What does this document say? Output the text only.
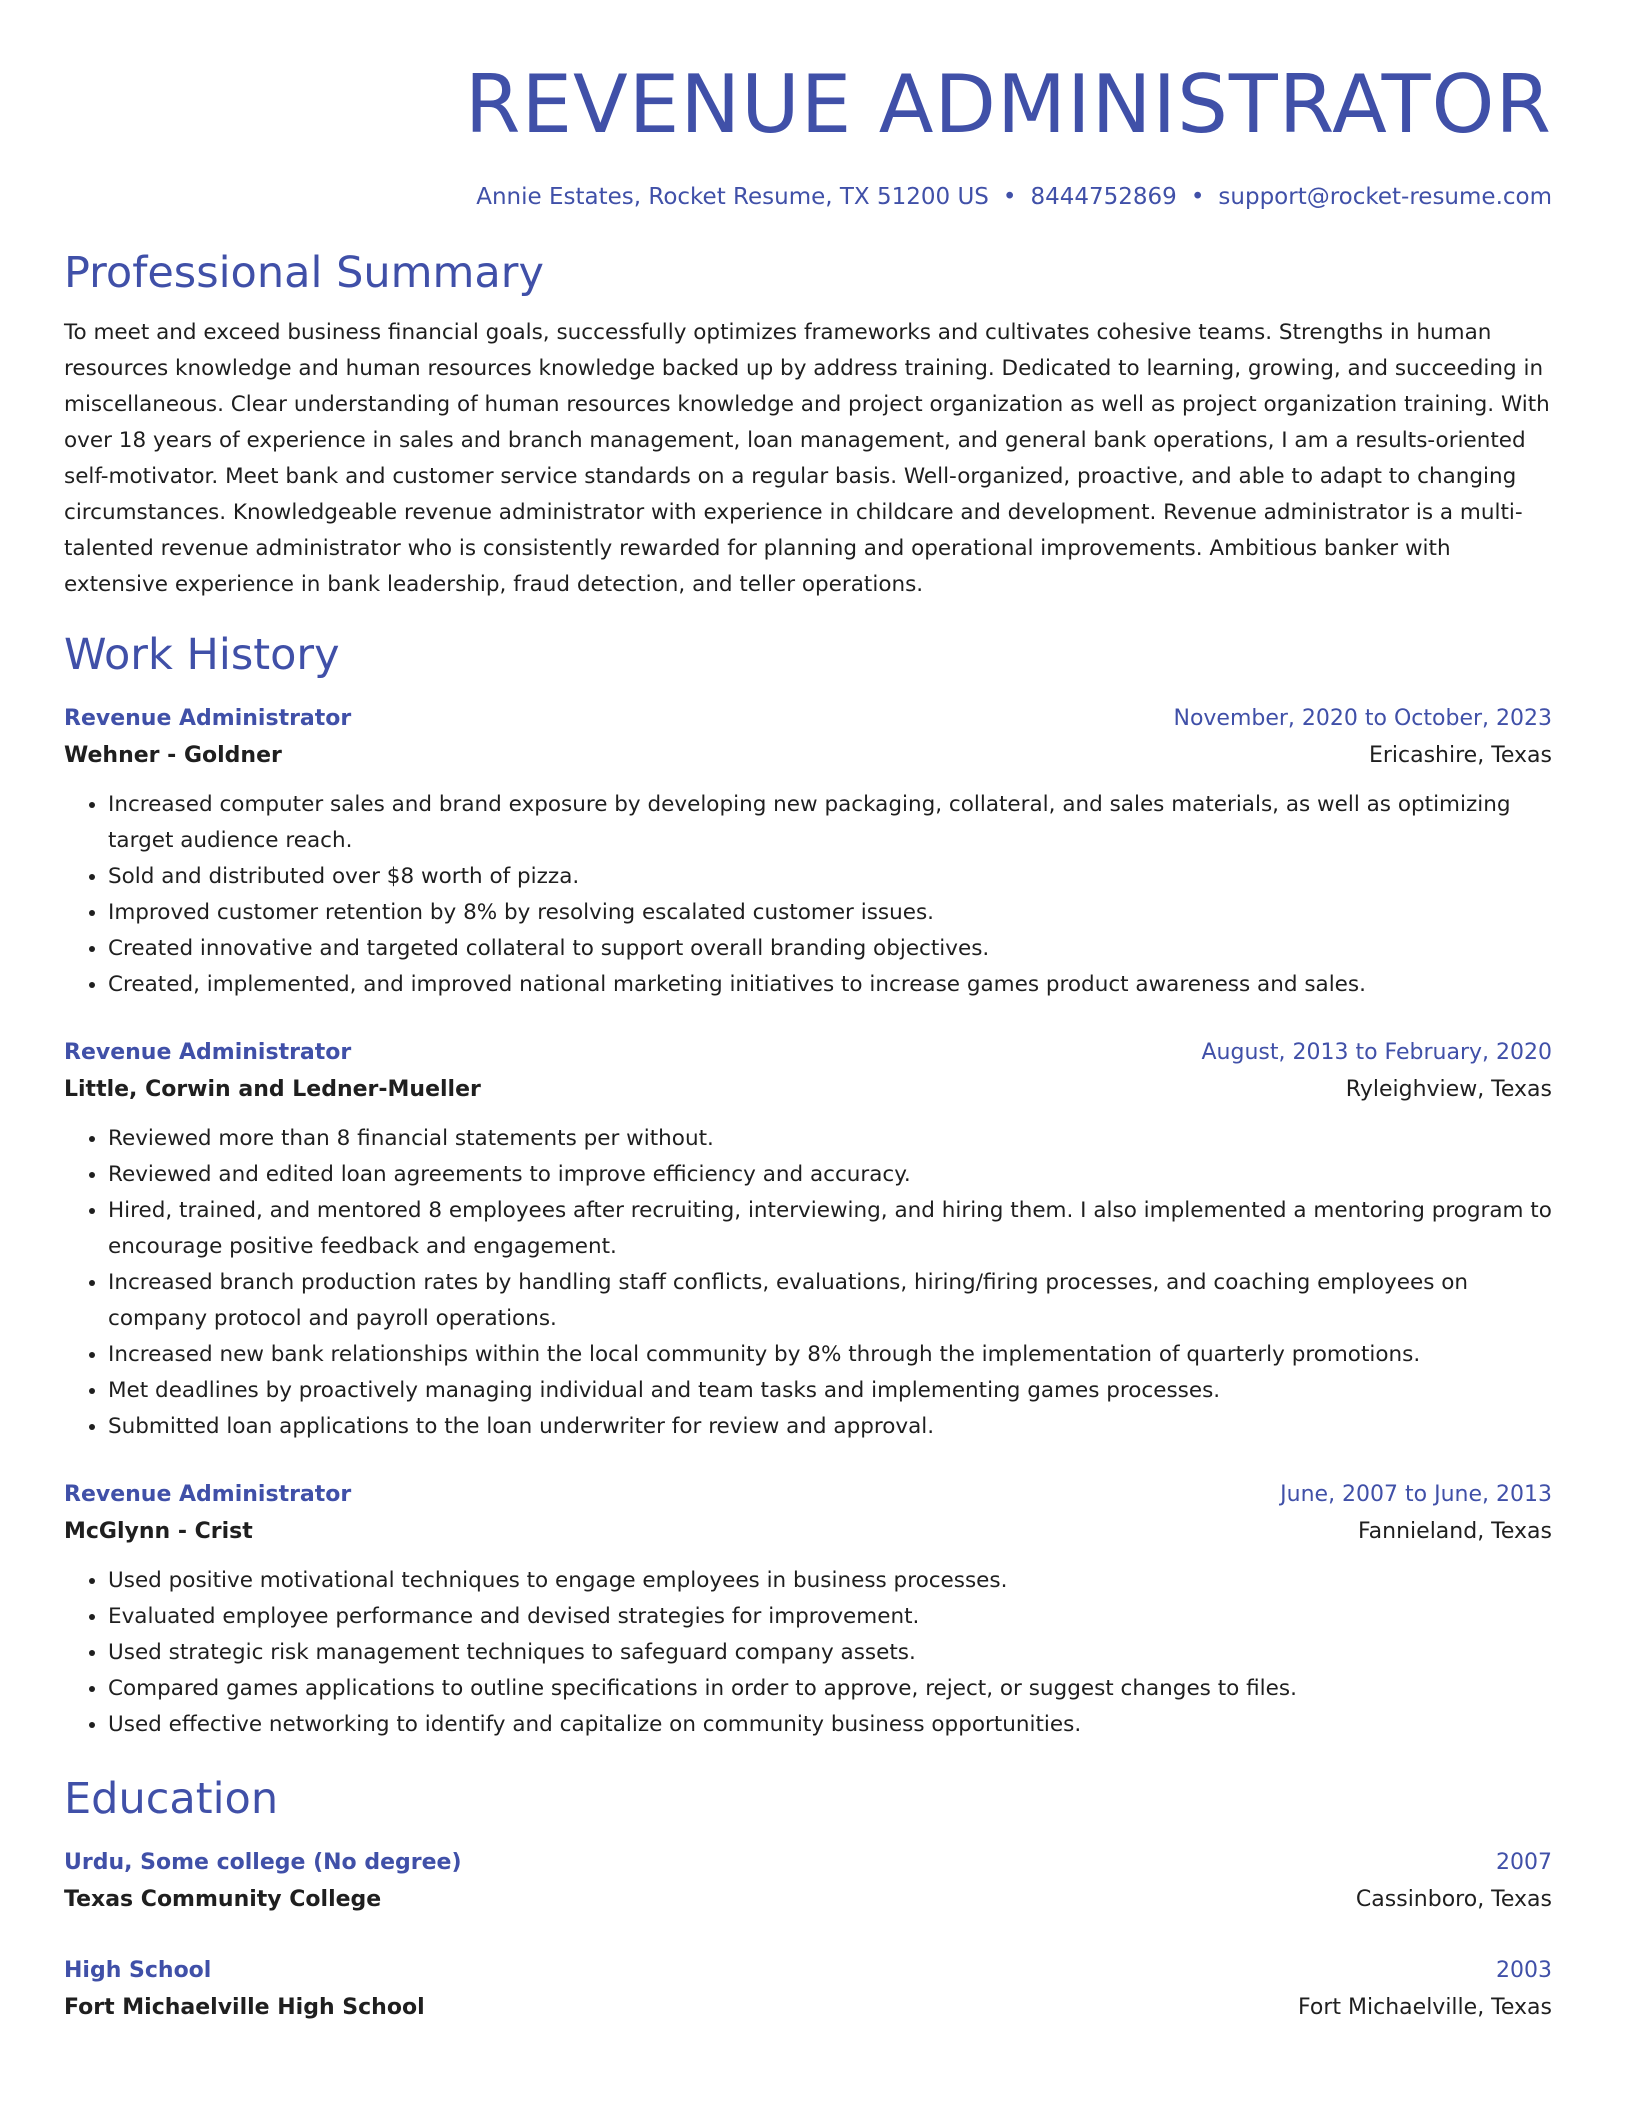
REVENUE ADMINISTRATOR
Annie Estates, Rocket Resume, TX 51200 US • 8444752869 • support@rocket-resume.com
Professional Summary
To meet and exceed business financial goals, successfully optimizes frameworks and cultivates cohesive teams. Strengths in human resources knowledge and human resources knowledge backed up by address training. Dedicated to learning, growing, and succeeding in miscellaneous. Clear understanding of human resources knowledge and project organization as well as project organization training. With over 18 years of experience in sales and branch management, loan management, and general bank operations, I am a results-oriented self-motivator. Meet bank and customer service standards on a regular basis. Well-organized, proactive, and able to adapt to changing circumstances. Knowledgeable revenue administrator with experience in childcare and development. Revenue administrator is a multi-talented revenue administrator who is consistently rewarded for planning and operational improvements. Ambitious banker with extensive experience in bank leadership, fraud detection, and teller operations.
Work History
Revenue Administrator	November, 2020 to October, 2023
Wehner - Goldner	Ericashire, Texas
• Increased computer sales and brand exposure by developing new packaging, collateral, and sales materials, as well as optimizing target audience reach.
• Sold and distributed over $8 worth of pizza.
• Improved customer retention by 8% by resolving escalated customer issues.
• Created innovative and targeted collateral to support overall branding objectives.
• Created, implemented, and improved national marketing initiatives to increase games product awareness and sales.
Revenue Administrator	August, 2013 to February, 2020
Little, Corwin and Ledner-Mueller	Ryleighview, Texas
• Reviewed more than 8 financial statements per without.
• Reviewed and edited loan agreements to improve efficiency and accuracy.
• Hired, trained, and mentored 8 employees after recruiting, interviewing, and hiring them. I also implemented a mentoring program to encourage positive feedback and engagement.
• Increased branch production rates by handling staff conflicts, evaluations, hiring/firing processes, and coaching employees on company protocol and payroll operations.
• Increased new bank relationships within the local community by 8% through the implementation of quarterly promotions.
• Met deadlines by proactively managing individual and team tasks and implementing games processes.
• Submitted loan applications to the loan underwriter for review and approval.
Revenue Administrator	June, 2007 to June, 2013
McGlynn - Crist	Fannieland, Texas
• Used positive motivational techniques to engage employees in business processes.
• Evaluated employee performance and devised strategies for improvement.
• Used strategic risk management techniques to safeguard company assets.
• Compared games applications to outline specifications in order to approve, reject, or suggest changes to files.
• Used effective networking to identify and capitalize on community business opportunities.
Education
Urdu, Some college (No degree)	2007
Texas Community College	Cassinboro, Texas
High School	2003
Fort Michaelville High School	Fort Michaelville, Texas
